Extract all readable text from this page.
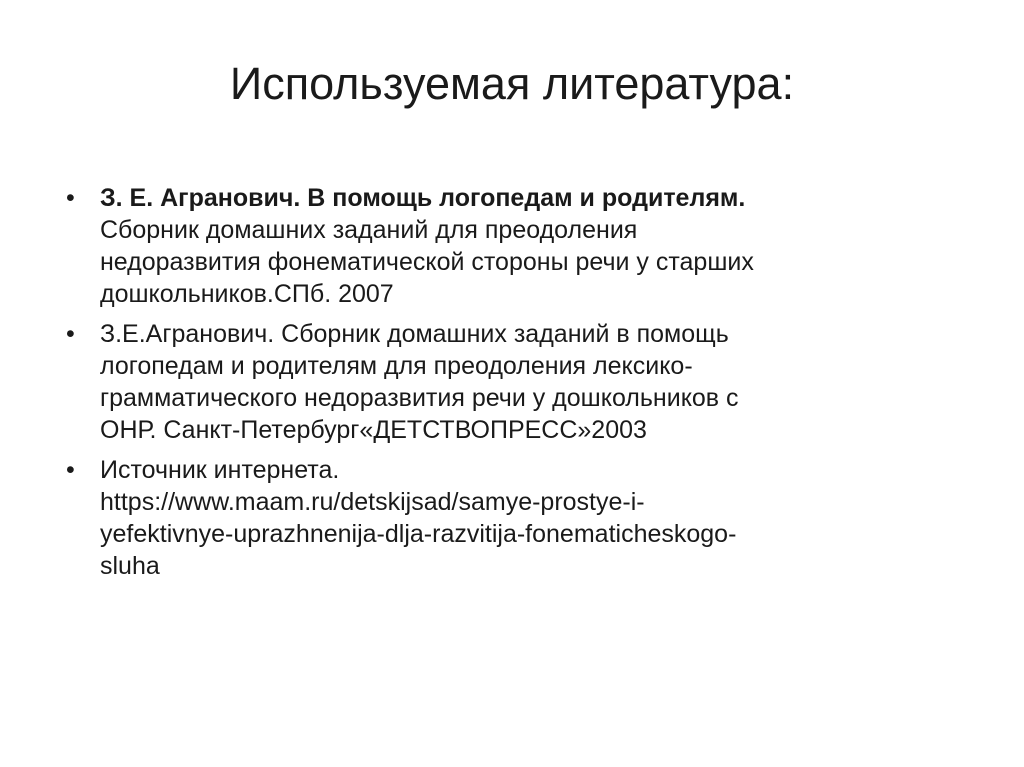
Используемая литература:
• З. Е. Агранович. В помощь логопедам и родителям.
Сборник домашних заданий для преодоления
недоразвития фонематической стороны речи у старших
дошкольников.СПб. 2007
• З.Е.Агранович. Сборник домашних заданий в помощь
логопедам и родителям для преодоления лексико-
грамматического недоразвития речи у дошкольников с
ОНР. Санкт-Петербург«ДЕТСТВОПРЕСС»2003
• Источник интернета.
https://www.maam.ru/detskijsad/samye-prostye-i-
yefektivnye-uprazhnenija-dlja-razvitija-fonematicheskogo-
sluha
